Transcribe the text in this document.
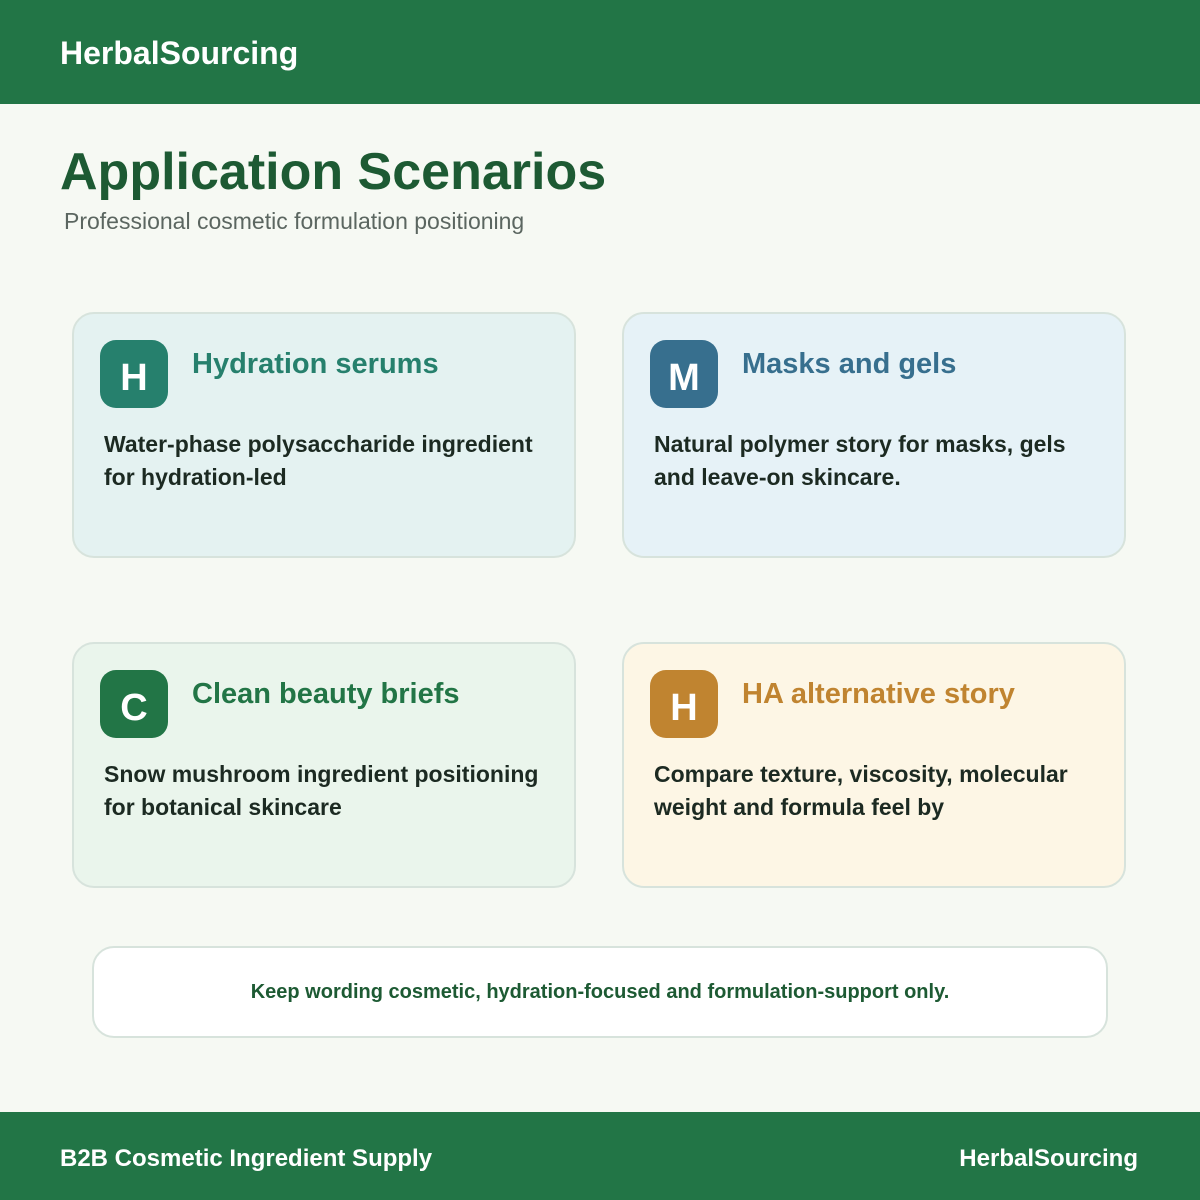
HerbalSourcing
Application Scenarios
Professional cosmetic formulation positioning
H	Hydration serums

Water-phase polysaccharide ingredient for hydration-led

M	Masks and gels

Natural polymer story for masks, gels and leave-on skincare.

C	Clean beauty briefs

Snow mushroom ingredient positioning for botanical skincare

H	HA alternative story

Compare texture, viscosity, molecular weight and formula feel by

Keep wording cosmetic, hydration-focused and formulation-support only.
B2B Cosmetic Ingredient Supply	HerbalSourcing
